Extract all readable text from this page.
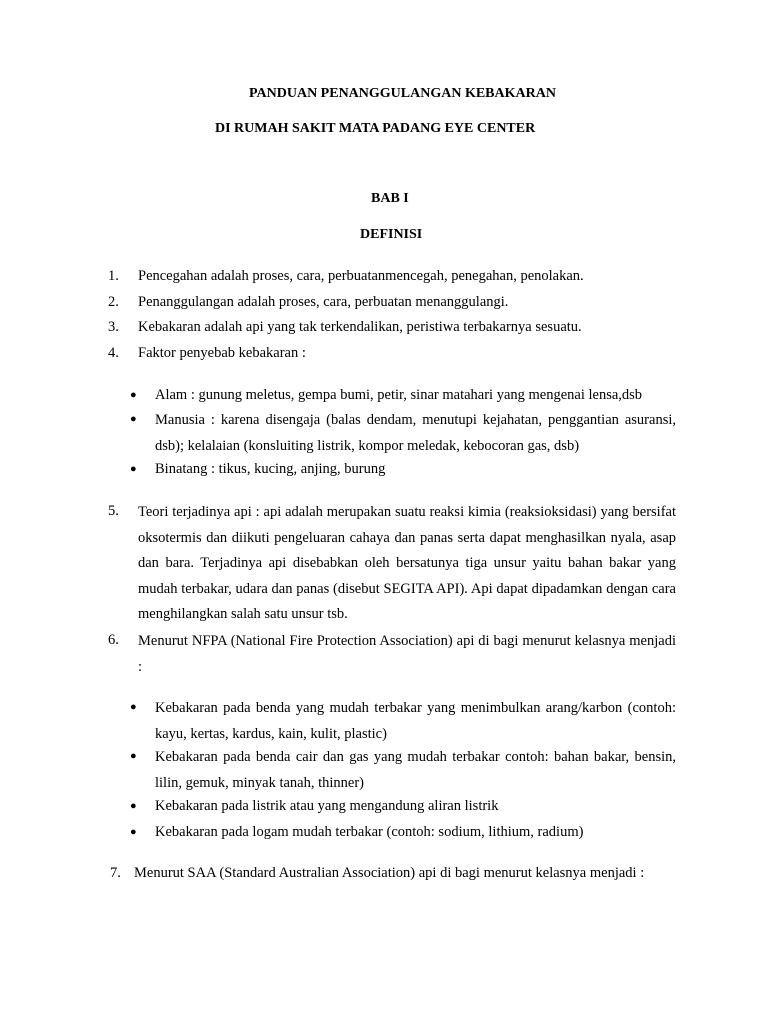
PANDUAN PENANGGULANGAN KEBAKARAN
DI RUMAH SAKIT MATA PADANG EYE CENTER
BAB I
DEFINISI
1. Pencegahan adalah proses, cara, perbuatanmencegah, penegahan, penolakan.
2. Penanggulangan adalah proses, cara, perbuatan menanggulangi.
3. Kebakaran adalah api yang tak terkendalikan, peristiwa terbakarnya sesuatu.
4. Faktor penyebab kebakaran :
● Alam : gunung meletus, gempa bumi, petir, sinar matahari yang mengenai lensa,dsb
● Manusia : karena disengaja (balas dendam, menutupi kejahatan, penggantian asuransi, dsb); kelalaian (konsluiting listrik, kompor meledak, kebocoran gas, dsb)
● Binatang : tikus, kucing, anjing, burung
5. Teori terjadinya api : api adalah merupakan suatu reaksi kimia (reaksioksidasi) yang bersifat oksotermis dan diikuti pengeluaran cahaya dan panas serta dapat menghasilkan nyala, asap dan bara. Terjadinya api disebabkan oleh bersatunya tiga unsur yaitu bahan bakar yang mudah terbakar, udara dan panas (disebut SEGITA API). Api dapat dipadamkan dengan cara menghilangkan salah satu unsur tsb.
6. Menurut NFPA (National Fire Protection Association) api di bagi menurut kelasnya menjadi :
● Kebakaran pada benda yang mudah terbakar yang menimbulkan arang/karbon (contoh: kayu, kertas, kardus, kain, kulit, plastic)
● Kebakaran pada benda cair dan gas yang mudah terbakar contoh: bahan bakar, bensin, lilin, gemuk, minyak tanah, thinner)
● Kebakaran pada listrik atau yang mengandung aliran listrik
● Kebakaran pada logam mudah terbakar (contoh: sodium, lithium, radium)
7. Menurut SAA (Standard Australian Association) api di bagi menurut kelasnya menjadi :
